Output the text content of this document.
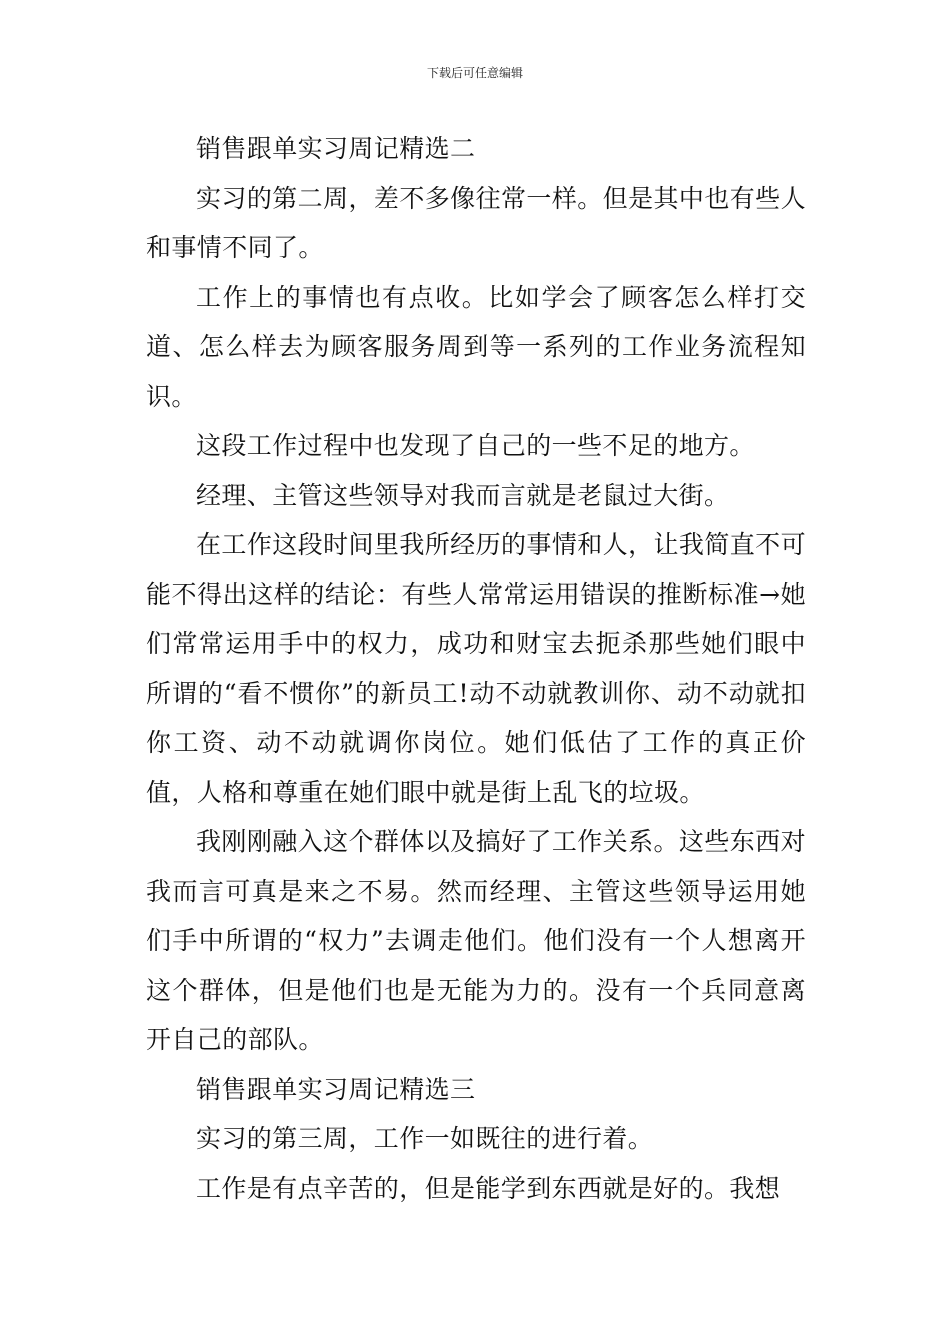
下载后可任意编辑

销售跟单实习周记精选二

实习的第二周，差不多像往常一样。但是其中也有些人和事情不同了。

工作上的事情也有点收。比如学会了顾客怎么样打交道、怎么样去为顾客服务周到等一系列的工作业务流程知识。

这段工作过程中也发现了自己的一些不足的地方。

经理、主管这些领导对我而言就是老鼠过大街。

在工作这段时间里我所经历的事情和人，让我简直不可能不得出这样的结论：有些人常常运用错误的推断标准→她们常常运用手中的权力，成功和财宝去扼杀那些她们眼中所谓的“看不惯你”的新员工!动不动就教训你、动不动就扣你工资、动不动就调你岗位。她们低估了工作的真正价值，人格和尊重在她们眼中就是街上乱飞的垃圾。

我刚刚融入这个群体以及搞好了工作关系。这些东西对我而言可真是来之不易。然而经理、主管这些领导运用她们手中所谓的“权力”去调走他们。他们没有一个人想离开这个群体，但是他们也是无能为力的。没有一个兵同意离开自己的部队。

销售跟单实习周记精选三

实习的第三周，工作一如既往的进行着。

工作是有点辛苦的，但是能学到东西就是好的。我想
